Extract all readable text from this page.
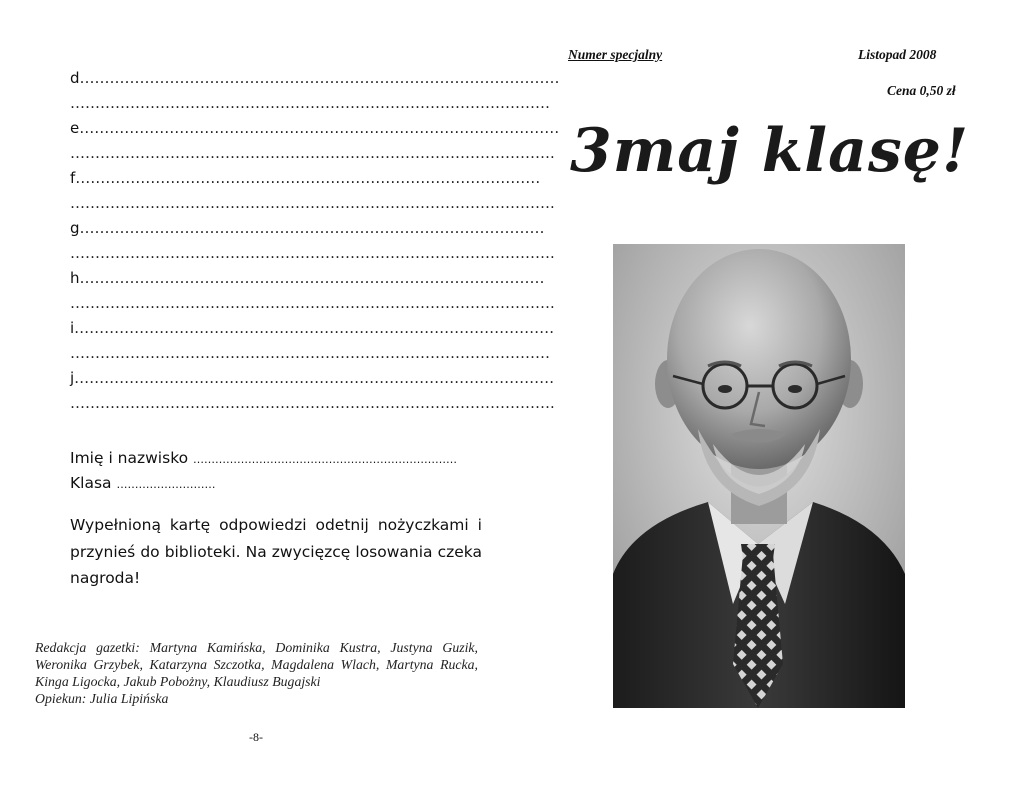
d……………………………………………………………………………………
……………………………………………………………………………………
e……………………………………………………………………………………
…………………………………………………………………………………….
f…………………………………………………………………………………
…………………………………………………………………………………….
g…………………………………………………………………………………
…………………………………………………………………………………….
h…………………………………………………………………………………
…………………………………………………………………………………….
i……………………………………………………………………………………
……………………………………………………………………………………
j……………………………………………………………………………………
…………………………………………………………………………………….
Imię i nazwisko ………………………………………………………………
Klasa ………………………
Wypełnioną kartę odpowiedzi odetnij nożyczkami i przynieś do biblioteki. Na zwycięzcę losowania czeka nagroda!
Redakcja gazetki: Martyna Kamińska, Dominika Kustra, Justyna Guzik, Weronika Grzybek, Katarzyna Szczotka, Magdalena Wlach, Martyna Rucka, Kinga Ligocka, Jakub Pobożny, Klaudiusz Bugajski
Opiekun: Julia Lipińska
-8-
Numer specjalny	Listopad 2008
Cena 0,50 zł
3maj klasę!
